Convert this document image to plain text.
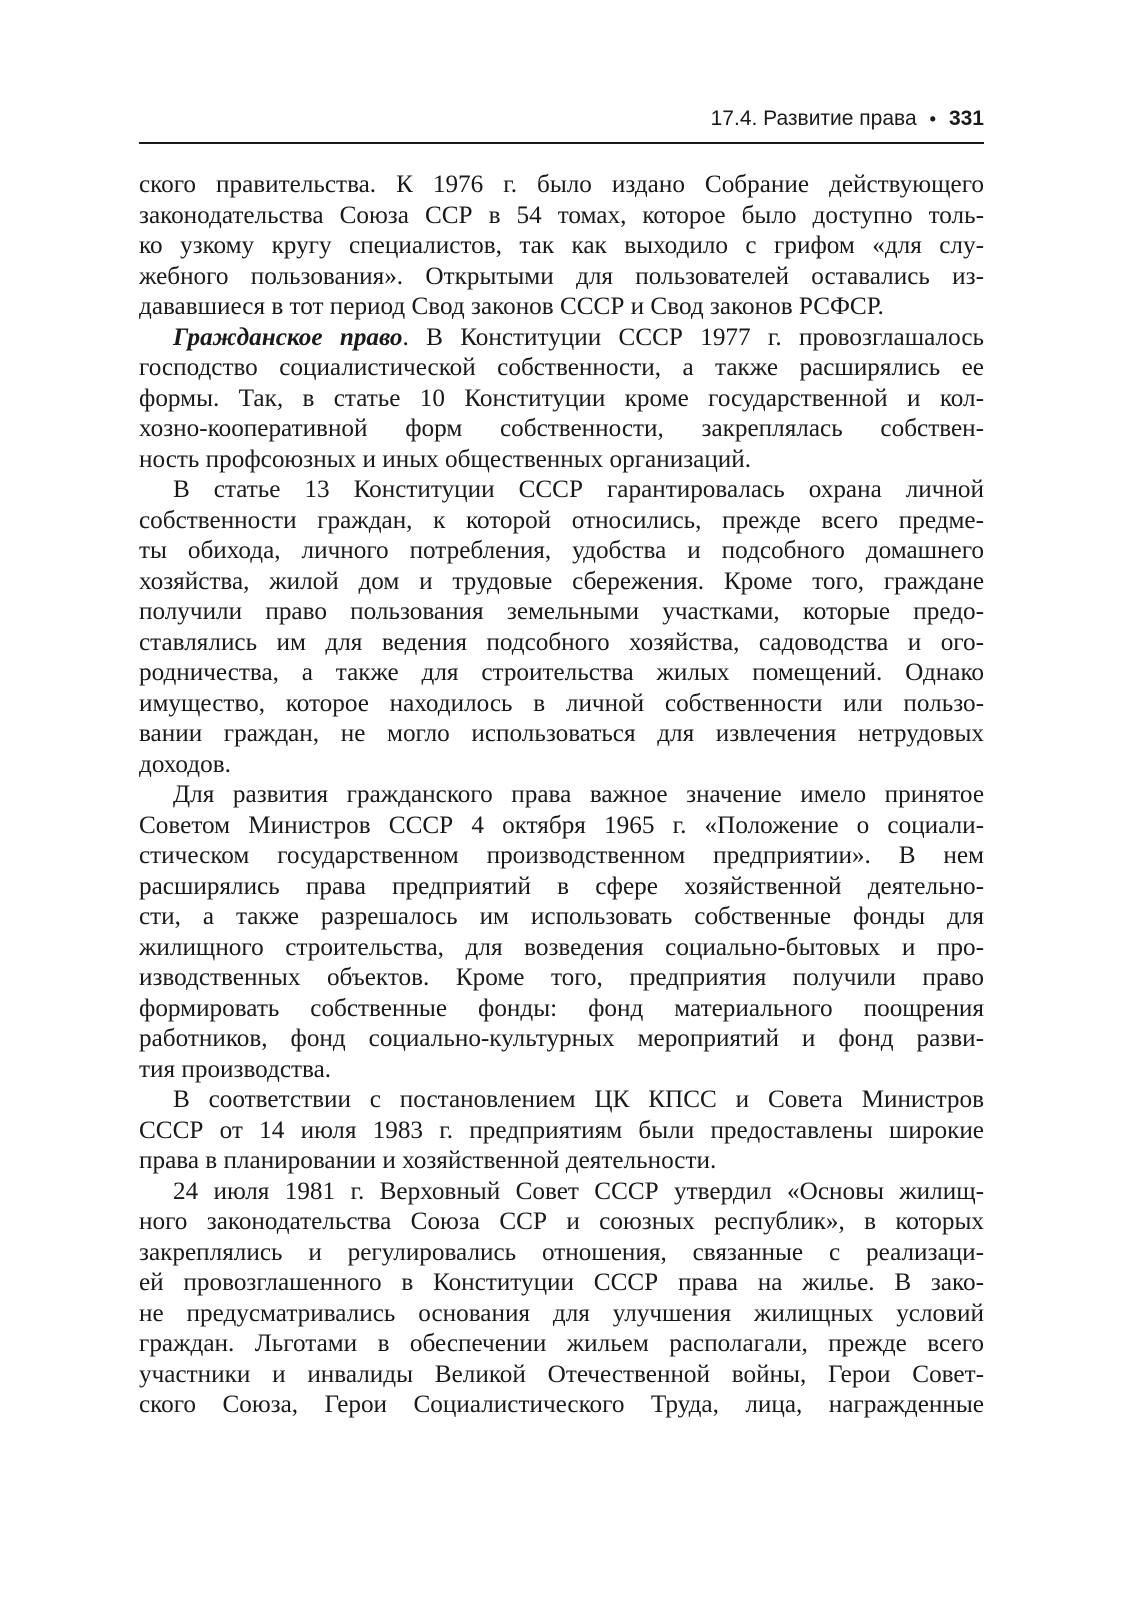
17.4. Развитие права • 331

ского правительства. К 1976 г. было издано Собрание действующего
законодательства Союза ССР в 54 томах, которое было доступно толь-
ко узкому кругу специалистов, так как выходило с грифом «для слу-
жебного пользования». Открытыми для пользователей оставались из-
дававшиеся в тот период Свод законов СССР и Свод законов РСФСР.

Гражданское право. В Конституции СССР 1977 г. провозглашалось
господство социалистической собственности, а также расширялись ее
формы. Так, в статье 10 Конституции кроме государственной и кол-
хозно-кооперативной форм собственности, закреплялась собствен-
ность профсоюзных и иных общественных организаций.

В статье 13 Конституции СССР гарантировалась охрана личной
собственности граждан, к которой относились, прежде всего предме-
ты обихода, личного потребления, удобства и подсобного домашнего
хозяйства, жилой дом и трудовые сбережения. Кроме того, граждане
получили право пользования земельными участками, которые предо-
ставлялись им для ведения подсобного хозяйства, садоводства и ого-
родничества, а также для строительства жилых помещений. Однако
имущество, которое находилось в личной собственности или пользо-
вании граждан, не могло использоваться для извлечения нетрудовых
доходов.

Для развития гражданского права важное значение имело принятое
Советом Министров СССР 4 октября 1965 г. «Положение о социали-
стическом государственном производственном предприятии». В нем
расширялись права предприятий в сфере хозяйственной деятельно-
сти, а также разрешалось им использовать собственные фонды для
жилищного строительства, для возведения социально-бытовых и про-
изводственных объектов. Кроме того, предприятия получили право
формировать собственные фонды: фонд материального поощрения
работников, фонд социально-культурных мероприятий и фонд разви-
тия производства.

В соответствии с постановлением ЦК КПСС и Совета Министров
СССР от 14 июля 1983 г. предприятиям были предоставлены широкие
права в планировании и хозяйственной деятельности.

24 июля 1981 г. Верховный Совет СССР утвердил «Основы жилищ-
ного законодательства Союза ССР и союзных республик», в которых
закреплялись и регулировались отношения, связанные с реализаци-
ей провозглашенного в Конституции СССР права на жилье. В зако-
не предусматривались основания для улучшения жилищных условий
граждан. Льготами в обеспечении жильем располагали, прежде всего
участники и инвалиды Великой Отечественной войны, Герои Совет-
ского Союза, Герои Социалистического Труда, лица, награжденные
